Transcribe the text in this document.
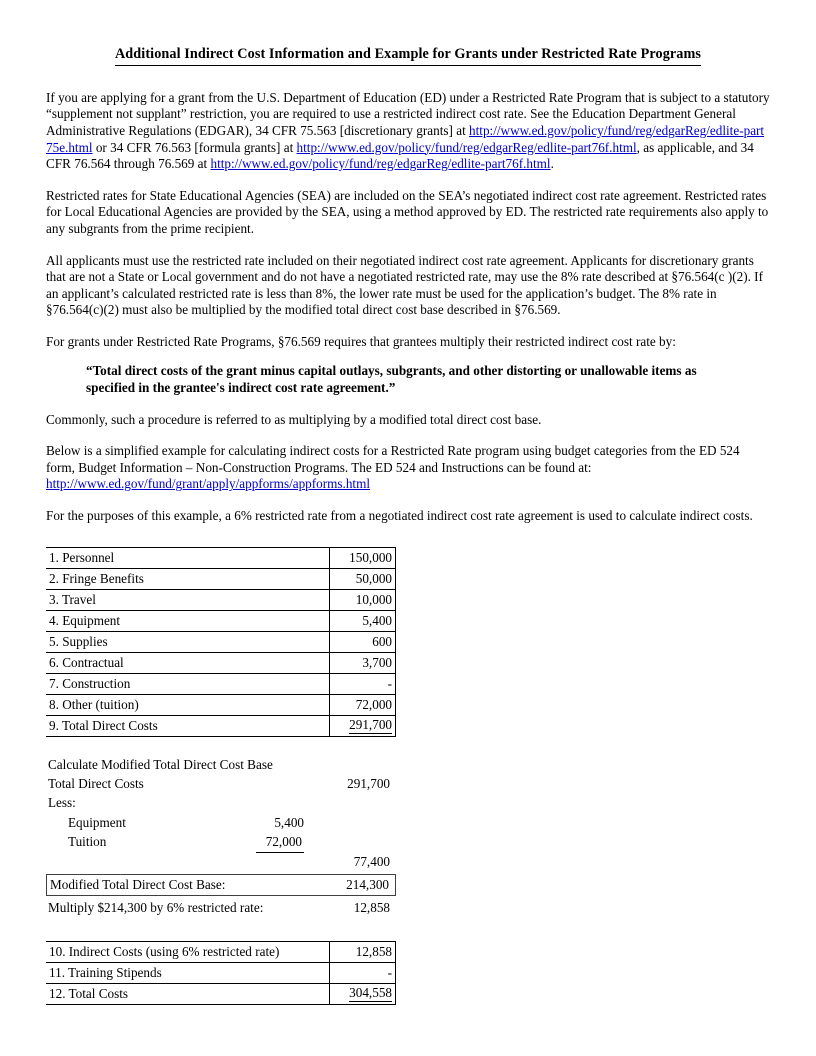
Additional Indirect Cost Information and Example for Grants under Restricted Rate Programs

If you are applying for a grant from the U.S. Department of Education (ED) under a Restricted Rate Program that is subject to a statutory “supplement not supplant” restriction, you are required to use a restricted indirect cost rate. See the Education Department General Administrative Regulations (EDGAR), 34 CFR 75.563 [discretionary grants] at http://www.ed.gov/policy/fund/reg/edgarReg/edlite-part75e.html or 34 CFR 76.563 [formula grants] at http://www.ed.gov/policy/fund/reg/edgarReg/edlite-part76f.html, as applicable, and 34 CFR 76.564 through 76.569 at http://www.ed.gov/policy/fund/reg/edgarReg/edlite-part76f.html.

Restricted rates for State Educational Agencies (SEA) are included on the SEA’s negotiated indirect cost rate agreement. Restricted rates for Local Educational Agencies are provided by the SEA, using a method approved by ED. The restricted rate requirements also apply to any subgrants from the prime recipient.

All applicants must use the restricted rate included on their negotiated indirect cost rate agreement. Applicants for discretionary grants that are not a State or Local government and do not have a negotiated restricted rate, may use the 8% rate described at §76.564(c )(2). If an applicant’s calculated restricted rate is less than 8%, the lower rate must be used for the application’s budget. The 8% rate in §76.564(c)(2) must also be multiplied by the modified total direct cost base described in §76.569.

For grants under Restricted Rate Programs, §76.569 requires that grantees multiply their restricted indirect cost rate by:

“Total direct costs of the grant minus capital outlays, subgrants, and other distorting or unallowable items as specified in the grantee's indirect cost rate agreement.”

Commonly, such a procedure is referred to as multiplying by a modified total direct cost base.

Below is a simplified example for calculating indirect costs for a Restricted Rate program using budget categories from the ED 524 form, Budget Information – Non-Construction Programs. The ED 524 and Instructions can be found at:
http://www.ed.gov/fund/grant/apply/appforms/appforms.html

For the purposes of this example, a 6% restricted rate from a negotiated indirect cost rate agreement is used to calculate indirect costs.

1. Personnel	150,000
2. Fringe Benefits	50,000
3. Travel	10,000
4. Equipment	5,400
5. Supplies	600
6. Contractual	3,700
7. Construction	-
8. Other (tuition)	72,000
9. Total Direct Costs	291,700
Calculate Modified Total Direct Cost Base
Total Direct Costs	291,700
Less:
Equipment	5,400
Tuition	72,000
77,400
Modified Total Direct Cost Base:	214,300
Multiply $214,300 by 6% restricted rate:	12,858
10. Indirect Costs (using 6% restricted rate)	12,858
11. Training Stipends	-
12. Total Costs	304,558
